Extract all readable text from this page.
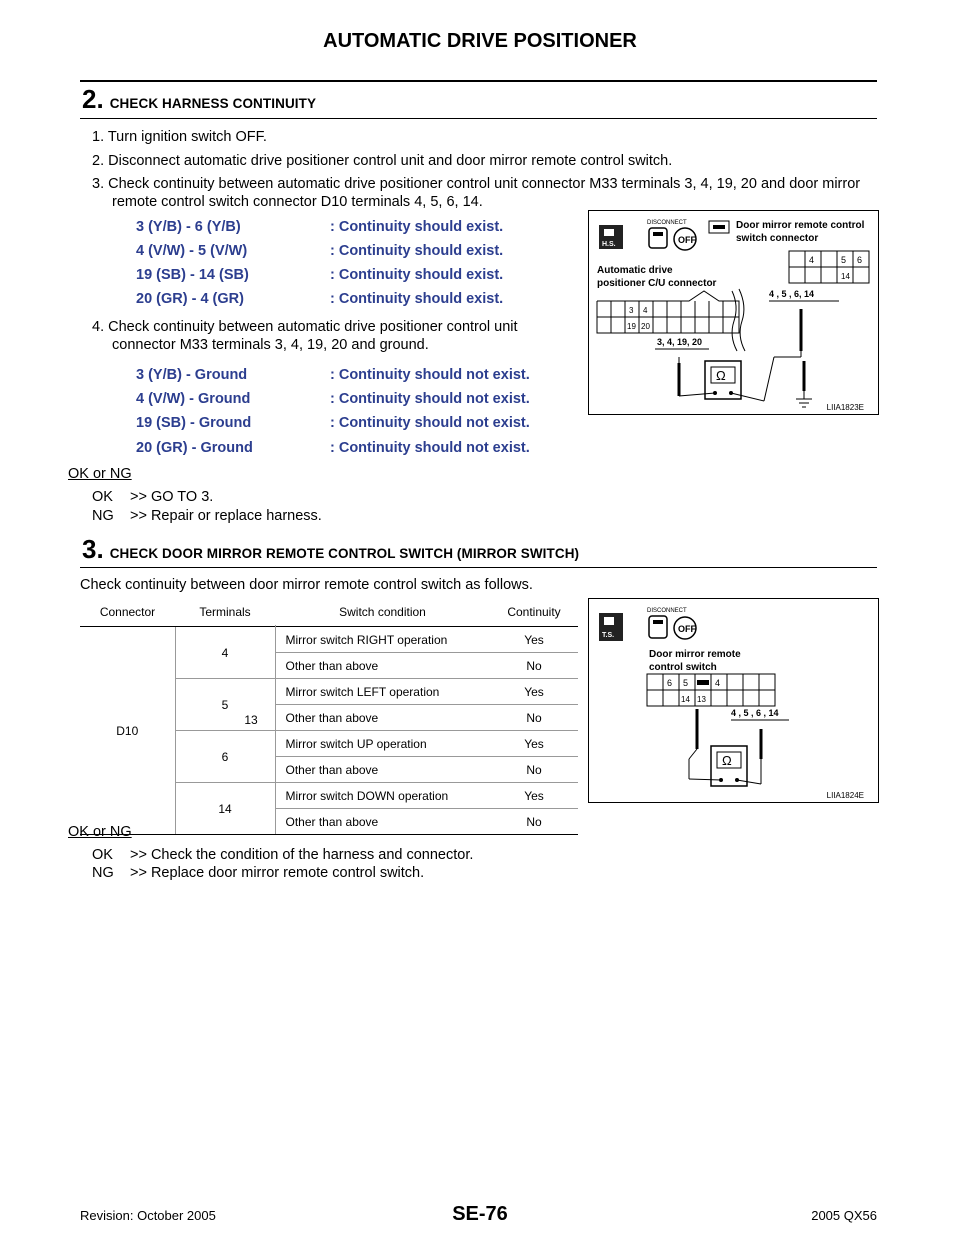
AUTOMATIC DRIVE POSITIONER
2. CHECK HARNESS CONTINUITY
1. Turn ignition switch OFF.
2. Disconnect automatic drive positioner control unit and door mirror remote control switch.
3. Check continuity between automatic drive positioner control unit connector M33 terminals 3, 4, 19, 20 and door mirror remote control switch connector D10 terminals 4, 5, 6, 14.
3 (Y/B) - 6 (Y/B)	: Continuity should exist.
4 (V/W) - 5 (V/W)	: Continuity should exist.
19 (SB) - 14 (SB)	: Continuity should exist.
20 (GR) - 4 (GR)	: Continuity should exist.
4. Check continuity between automatic drive positioner control unit connector M33 terminals 3, 4, 19, 20 and ground.
3 (Y/B) - Ground	: Continuity should not exist.
4 (V/W) - Ground	: Continuity should not exist.
19 (SB) - Ground	: Continuity should not exist.
20 (GR) - Ground	: Continuity should not exist.
OK or NG
OK >> GO TO 3.
NG >> Repair or replace harness.
H.S.
DISCONNECT
OFF
Door mirror remote control
switch connector
4	5 6
14
Automatic drive
positioner C/U connector
3 4
19 20
4 , 5 , 6, 14
3, 4, 19, 20
Ω
LIIA1823E
3. CHECK DOOR MIRROR REMOTE CONTROL SWITCH (MIRROR SWITCH)
Check continuity between door mirror remote control switch as follows.
Connector	Terminals	Switch condition	Continuity
D10	4	Mirror switch RIGHT operation	Yes
		Other than above	No
	5	Mirror switch LEFT operation	Yes
		Other than above	No
	6	Mirror switch UP operation	Yes
		Other than above	No
	14	Mirror switch DOWN operation	Yes
		Other than above	No
13
OK or NG
OK >> Check the condition of the harness and connector.
NG >> Replace door mirror remote control switch.
T.S.
DISCONNECT
OFF
Door mirror remote
control switch
6 5	4
14 13
4 , 5 , 6 , 14
Ω
LIIA1824E
Revision: October 2005	SE-76	2005 QX56
